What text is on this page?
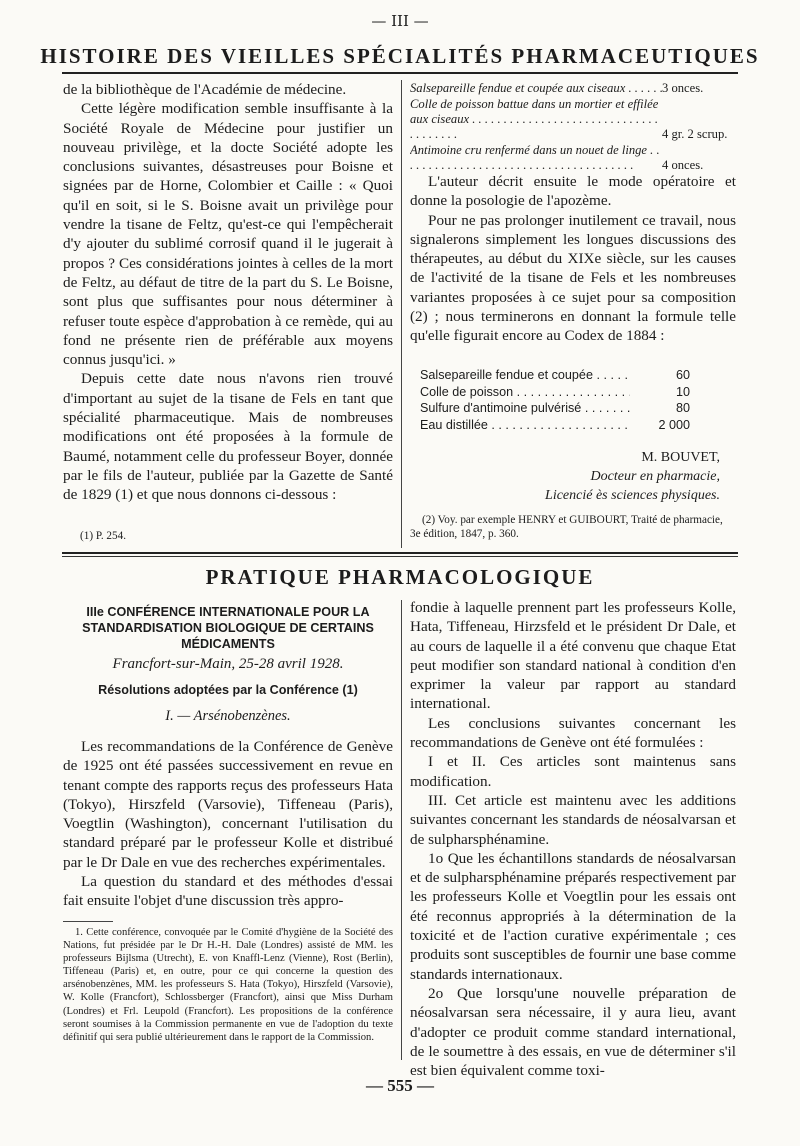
— III —
HISTOIRE DES VIEILLES SPÉCIALITÉS PHARMACEUTIQUES

de la bibliothèque de l'Académie de médecine.

Cette légère modification semble insuffisante à la Société Royale de Médecine pour justifier un nouveau privilège, et la docte Société adopte les conclusions suivantes, désastreuses pour Boisne et signées par de Horne, Colombier et Caille : « Quoi qu'il en soit, si le S. Boisne avait un privilège pour vendre la tisane de Feltz, qu'est-ce qui l'empêcherait d'y ajouter du sublimé corrosif quand il le jugerait à propos ? Ces considérations jointes à celles de la mort de Feltz, au défaut de titre de la part du S. Le Boisne, sont plus que suffisantes pour nous déterminer à refuser toute espèce d'approbation à ce remède, qui au fond ne présente rien de préférable aux moyens connus jusqu'ici. »

Depuis cette date nous n'avons rien trouvé d'important au sujet de la tisane de Fels en tant que spécialité pharmaceutique. Mais de nombreuses modifications ont été proposées à la formule de Baumé, notamment celle du professeur Boyer, donnée par le fils de l'auteur, publiée par la Gazette de Santé de 1829 (1) et que nous donnons ci-dessous :

(1) P. 254.
Salsepareille fendue et coupée aux ciseaux . . .	3 onces.
Colle de poisson battue dans un mortier et effilée aux ciseaux . . .
4 gr. 2 scrup.
Antimoine cru renfermé dans un nouet de linge . . .
4 onces.

L'auteur décrit ensuite le mode opératoire et donne la posologie de l'apozème.

Pour ne pas prolonger inutilement ce travail, nous signalerons simplement les longues discussions des thérapeutes, au début du XIXe siècle, sur les causes de l'activité de la tisane de Fels et les nombreuses variantes proposées à ce sujet pour sa composition (2) ; nous terminerons en donnant la formule telle qu'elle figurait encore au Codex de 1884 :

Salsepareille fendue et coupée . . .	60
Colle de poisson . . .	10
Sulfure d'antimoine pulvérisé . . .	80
Eau distillée . . .	2 000
M. BOUVET,
Docteur en pharmacie,
Licencié ès sciences physiques.
(2) Voy. par exemple HENRY et GUIBOURT, Traité de pharmacie, 3e édition, 1847, p. 360.
PRATIQUE PHARMACOLOGIQUE
IIIe CONFÉRENCE INTERNATIONALE POUR LA STANDARDISATION BIOLOGIQUE DE CERTAINS MÉDICAMENTS
Francfort-sur-Main, 25-28 avril 1928.
Résolutions adoptées par la Conférence (1)
I. — Arsénobenzènes.

Les recommandations de la Conférence de Genève de 1925 ont été passées successivement en revue en tenant compte des rapports reçus des professeurs Hata (Tokyo), Hirszfeld (Varsovie), Tiffeneau (Paris), Voegtlin (Washington), concernant l'utilisation du standard préparé par le professeur Kolle et distribué par le Dr Dale en vue des recherches expérimentales.

La question du standard et des méthodes d'essai fait ensuite l'objet d'une discussion très appro-

1. Cette conférence, convoquée par le Comité d'hygiène de la Société des Nations, fut présidée par le Dr H.-H. Dale (Londres) assisté de MM. les professeurs Bijlsma (Utrecht), E. von Knaffl-Lenz (Vienne), Rost (Berlin), Tiffeneau (Paris) et, en outre, pour ce qui concerne la question des arsénobenzènes, MM. les professeurs S. Hata (Tokyo), Hirszfeld (Varsovie), W. Kolle (Francfort), Schlossberger (Francfort), ainsi que Miss Durham (Londres) et Frl. Leupold (Francfort). Les propositions de la conférence seront soumises à la Commission permanente en vue de l'adoption du texte définitif qui sera publié ultérieurement dans le rapport de la Commission.

fondie à laquelle prennent part les professeurs Kolle, Hata, Tiffeneau, Hirzsfeld et le président Dr Dale, et au cours de laquelle il a été convenu que chaque Etat peut modifier son standard national à condition d'en exprimer la valeur par rapport au standard international.

Les conclusions suivantes concernant les recommandations de Genève ont été formulées :

I et II. Ces articles sont maintenus sans modification.

III. Cet article est maintenu avec les additions suivantes concernant les standards de néosalvarsan et de sulpharsphénamine.

1o Que les échantillons standards de néosalvarsan et de sulpharsphénamine préparés respectivement par les professeurs Kolle et Voegtlin pour les essais ont été reconnus appropriés à la détermination de la toxicité et de l'action curative expérimentale ; ces produits sont susceptibles de fournir une base comme standards internationaux.

2o Que lorsqu'une nouvelle préparation de néosalvarsan sera nécessaire, il y aura lieu, avant d'adopter ce produit comme standard international, de le soumettre à des essais, en vue de déterminer s'il est bien équivalent comme toxi-

— 555 —
